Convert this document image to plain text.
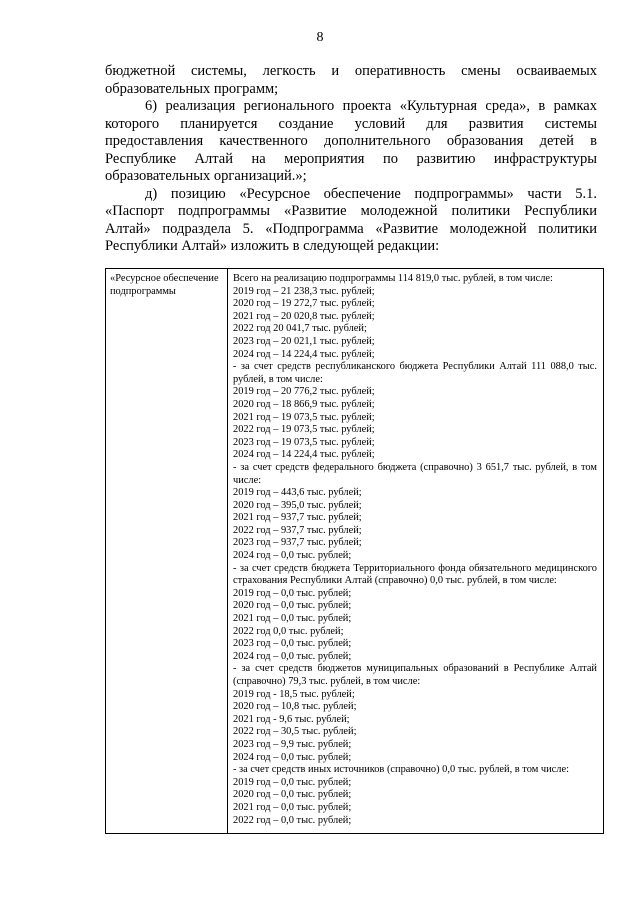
8

бюджетной системы, легкость и оперативность смены осваиваемых
образовательных программ;

6) реализация регионального проекта «Культурная среда», в рамках
которого планируется создание условий для развития системы
предоставления качественного дополнительного образования детей в
Республике Алтай на мероприятия по развитию инфраструктуры
образовательных организаций.»;

д) позицию «Ресурсное обеспечение подпрограммы» части 5.1.
«Паспорт подпрограммы «Развитие молодежной политики Республики
Алтай» подраздела 5. «Подпрограмма «Развитие молодежной политики
Республики Алтай» изложить в следующей редакции:

«Ресурсное обеспечение подпрограммы
Всего на реализацию подпрограммы 114 819,0 тыс. рублей, в том числе:
2019 год – 21 238,3 тыс. рублей;
2020 год – 19 272,7 тыс. рублей;
2021 год – 20 020,8 тыс. рублей;
2022 год 20 041,7 тыс. рублей;
2023 год – 20 021,1 тыс. рублей;
2024 год – 14 224,4 тыс. рублей;
- за счет средств республиканского бюджета Республики Алтай 111 088,0 тыс. рублей, в том числе:
2019 год – 20 776,2 тыс. рублей;
2020 год – 18 866,9 тыс. рублей;
2021 год – 19 073,5 тыс. рублей;
2022 год – 19 073,5 тыс. рублей;
2023 год – 19 073,5 тыс. рублей;
2024 год – 14 224,4 тыс. рублей;
- за счет средств федерального бюджета (справочно) 3 651,7 тыс. рублей, в том числе:
2019 год – 443,6 тыс. рублей;
2020 год – 395,0 тыс. рублей;
2021 год – 937,7 тыс. рублей;
2022 год – 937,7 тыс. рублей;
2023 год – 937,7 тыс. рублей;
2024 год – 0,0 тыс. рублей;
- за счет средств бюджета Территориального фонда обязательного медицинского страхования Республики Алтай (справочно) 0,0 тыс. рублей, в том числе:
2019 год – 0,0 тыс. рублей;
2020 год – 0,0 тыс. рублей;
2021 год – 0,0 тыс. рублей;
2022 год 0,0 тыс. рублей;
2023 год – 0,0 тыс. рублей;
2024 год – 0,0 тыс. рублей;
- за счет средств бюджетов муниципальных образований в Республике Алтай (справочно) 79,3 тыс. рублей, в том числе:
2019 год - 18,5 тыс. рублей;
2020 год – 10,8 тыс. рублей;
2021 год - 9,6 тыс. рублей;
2022 год – 30,5 тыс. рублей;
2023 год – 9,9 тыс. рублей;
2024 год – 0,0 тыс. рублей;
- за счет средств иных источников (справочно) 0,0 тыс. рублей, в том числе:
2019 год – 0,0 тыс. рублей;
2020 год – 0,0 тыс. рублей;
2021 год – 0,0 тыс. рублей;
2022 год – 0,0 тыс. рублей;
